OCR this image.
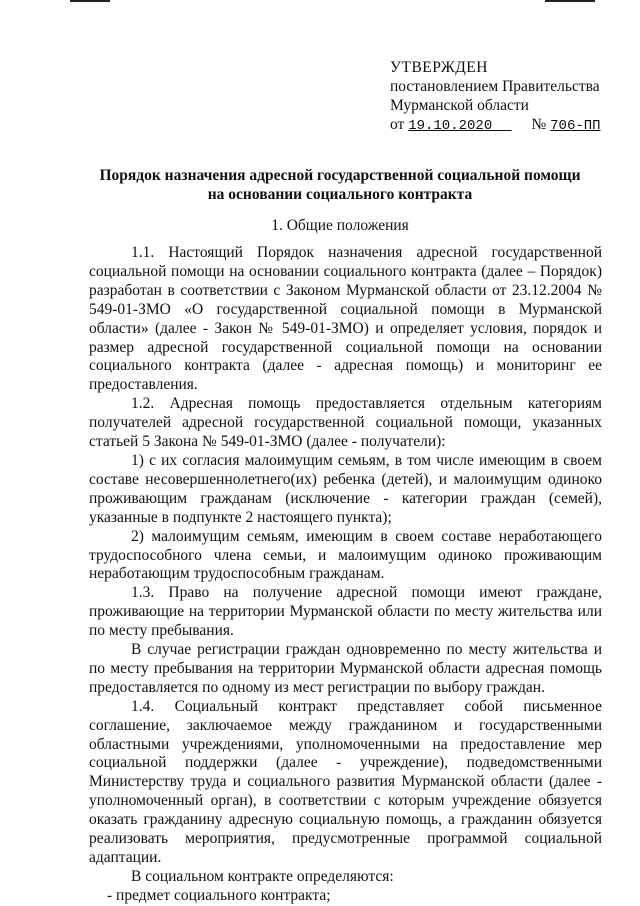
УТВЕРЖДЕН
постановлением Правительства
Мурманской области
от 19.10.2020	№ 706-ПП
Порядок назначения адресной государственной социальной помощи
на основании социального контракта
1. Общие положения

1.1. Настоящий Порядок назначения адресной государственной социальной помощи на основании социального контракта (далее – Порядок) разработан в соответствии с Законом Мурманской области от 23.12.2004 № 549-01-ЗМО «О государственной социальной помощи в Мурманской области» (далее - Закон № 549-01-ЗМО) и определяет условия, порядок и размер адресной государственной социальной помощи на основании социального контракта (далее - адресная помощь) и мониторинг ее предоставления.

1.2. Адресная помощь предоставляется отдельным категориям получателей адресной государственной социальной помощи, указанных статьей 5 Закона № 549-01-ЗМО (далее - получатели):

1) с их согласия малоимущим семьям, в том числе имеющим в своем составе несовершеннолетнего(их) ребенка (детей), и малоимущим одиноко проживающим гражданам (исключение - категории граждан (семей), указанные в подпункте 2 настоящего пункта);

2) малоимущим семьям, имеющим в своем составе неработающего трудоспособного члена семьи, и малоимущим одиноко проживающим неработающим трудоспособным гражданам.

1.3. Право на получение адресной помощи имеют граждане, проживающие на территории Мурманской области по месту жительства или по месту пребывания.

В случае регистрации граждан одновременно по месту жительства и по месту пребывания на территории Мурманской области адресная помощь предоставляется по одному из мест регистрации по выбору граждан.

1.4. Социальный контракт представляет собой письменное соглашение, заключаемое между гражданином и государственными областными учреждениями, уполномоченными на предоставление мер социальной поддержки (далее - учреждение), подведомственными Министерству труда и социального развития Мурманской области (далее - уполномоченный орган), в соответствии с которым учреждение обязуется оказать гражданину адресную социальную помощь, а гражданин обязуется реализовать мероприятия, предусмотренные программой социальной адаптации.

В социальном контракте определяются:

- предмет социального контракта;
